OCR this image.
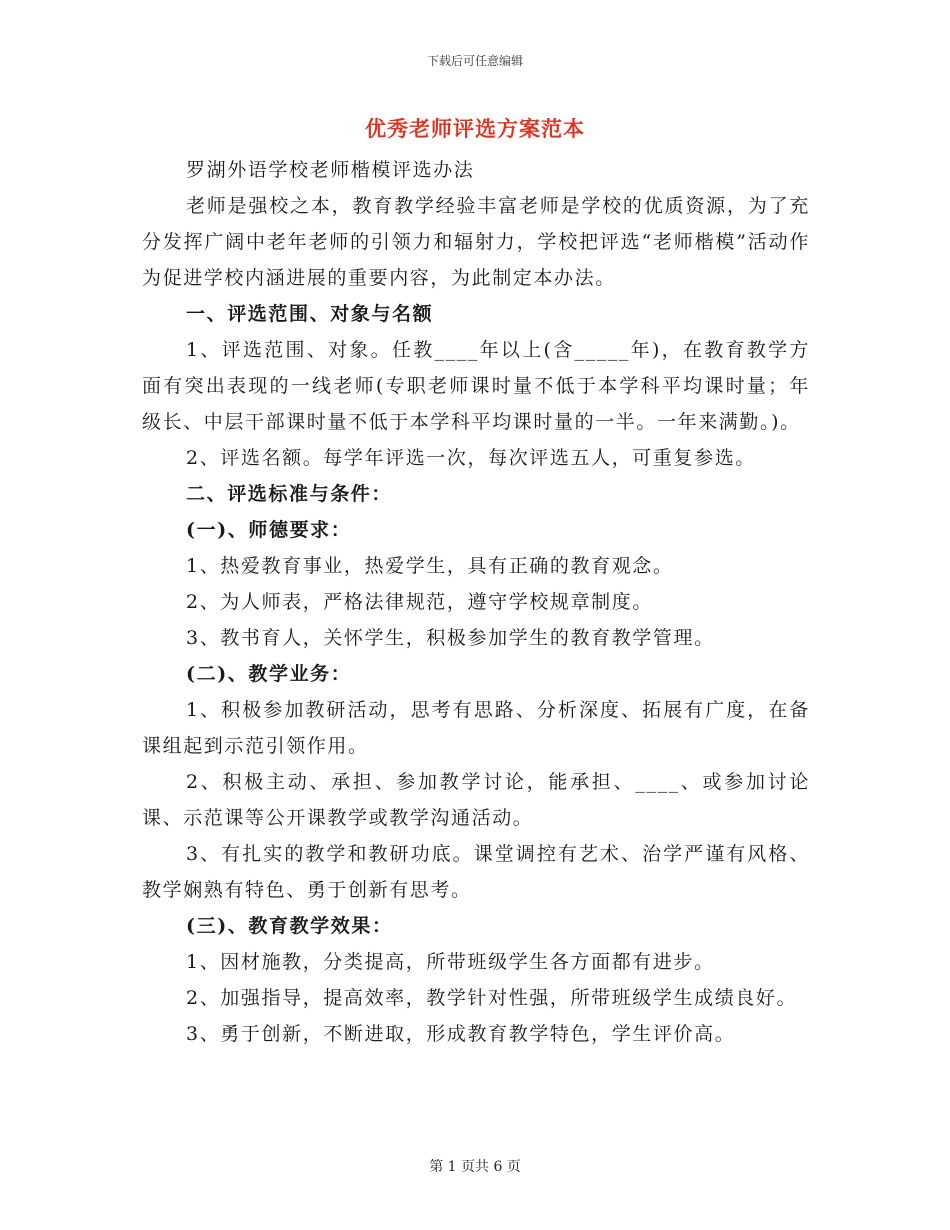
下载后可任意编辑
优秀老师评选方案范本

罗湖外语学校老师楷模评选办法

老师是强校之本，教育教学经验丰富老师是学校的优质资源，为了充分发挥广阔中老年老师的引领力和辐射力，学校把评选“老师楷模”活动作为促进学校内涵进展的重要内容，为此制定本办法。

一、评选范围、对象与名额

1、评选范围、对象。任教____年以上(含_____年)，在教育教学方面有突出表现的一线老师(专职老师课时量不低于本学科平均课时量；年级长、中层干部课时量不低于本学科平均课时量的一半。一年来满勤。)。

2、评选名额。每学年评选一次，每次评选五人，可重复参选。

二、评选标准与条件：

(一)、师德要求：

1、热爱教育事业，热爱学生，具有正确的教育观念。

2、为人师表，严格法律规范，遵守学校规章制度。

3、教书育人，关怀学生，积极参加学生的教育教学管理。

(二)、教学业务：

1、积极参加教研活动，思考有思路、分析深度、拓展有广度，在备课组起到示范引领作用。

2、积极主动、承担、参加教学讨论，能承担、____、或参加讨论课、示范课等公开课教学或教学沟通活动。

3、有扎实的教学和教研功底。课堂调控有艺术、治学严谨有风格、教学娴熟有特色、勇于创新有思考。

(三)、教育教学效果：

1、因材施教，分类提高，所带班级学生各方面都有进步。

2、加强指导，提高效率，教学针对性强，所带班级学生成绩良好。

3、勇于创新，不断进取，形成教育教学特色，学生评价高。

第 1 页共 6 页
